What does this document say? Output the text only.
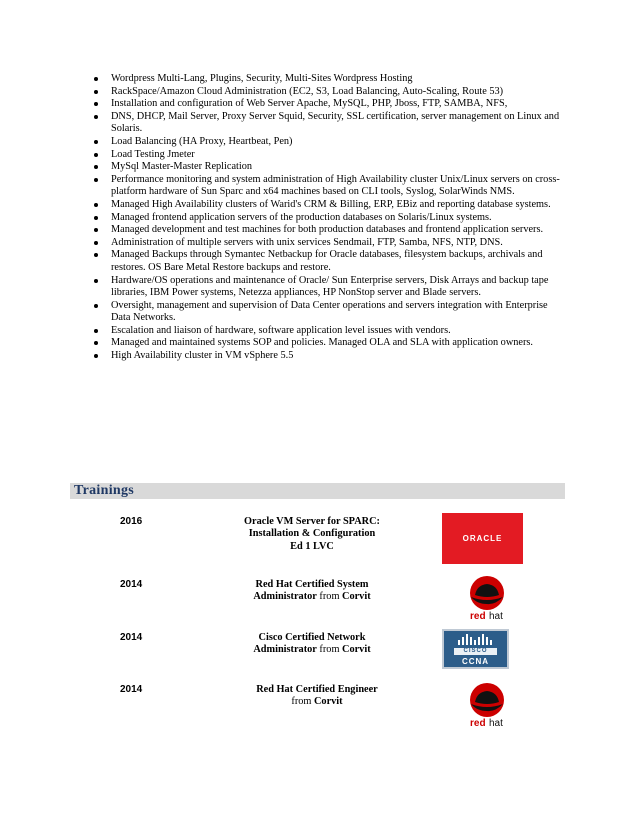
Wordpress Multi-Lang, Plugins, Security, Multi-Sites Wordpress Hosting
RackSpace/Amazon Cloud Administration (EC2, S3, Load Balancing, Auto-Scaling, Route 53)
Installation and configuration of Web Server Apache, MySQL, PHP, Jboss, FTP, SAMBA, NFS,
DNS, DHCP, Mail Server, Proxy Server Squid, Security, SSL certification, server management on Linux and Solaris.
Load Balancing (HA Proxy, Heartbeat, Pen)
Load Testing Jmeter
MySql Master-Master Replication
Performance monitoring and system administration of High Availability cluster Unix/Linux servers on cross-platform hardware of Sun Sparc and x64 machines based on CLI tools, Syslog, SolarWinds NMS.
Managed High Availability clusters of Warid's CRM & Billing, ERP, EBiz and reporting database systems.
Managed frontend application servers of the production databases on Solaris/Linux systems.
Managed development and test machines for both production databases and frontend application servers.
Administration of multiple servers with unix services Sendmail, FTP, Samba, NFS, NTP, DNS.
Managed Backups through Symantec Netbackup for Oracle databases, filesystem backups, archivals and restores. OS Bare Metal Restore backups and restore.
Hardware/OS operations and maintenance of Oracle/ Sun Enterprise servers, Disk Arrays and backup tape libraries, IBM Power systems, Netezza appliances, HP NonStop server and Blade servers.
Oversight, management and supervision of Data Center operations and servers integration with Enterprise Data Networks.
Escalation and liaison of hardware, software application level issues with vendors.
Managed and maintained systems SOP and policies. Managed OLA and SLA with application owners.
High Availability cluster in VM vSphere 5.5
Trainings
2016	Oracle VM Server for SPARC:
Installation & Configuration
Ed 1 LVC
ORACLE
2014	Red Hat Certified System
Administrator from Corvit
red hat
2014	Cisco Certified Network
Administrator from Corvit	CISCO
CCNA
2014	Red Hat Certified Engineer
from Corvit
red hat
